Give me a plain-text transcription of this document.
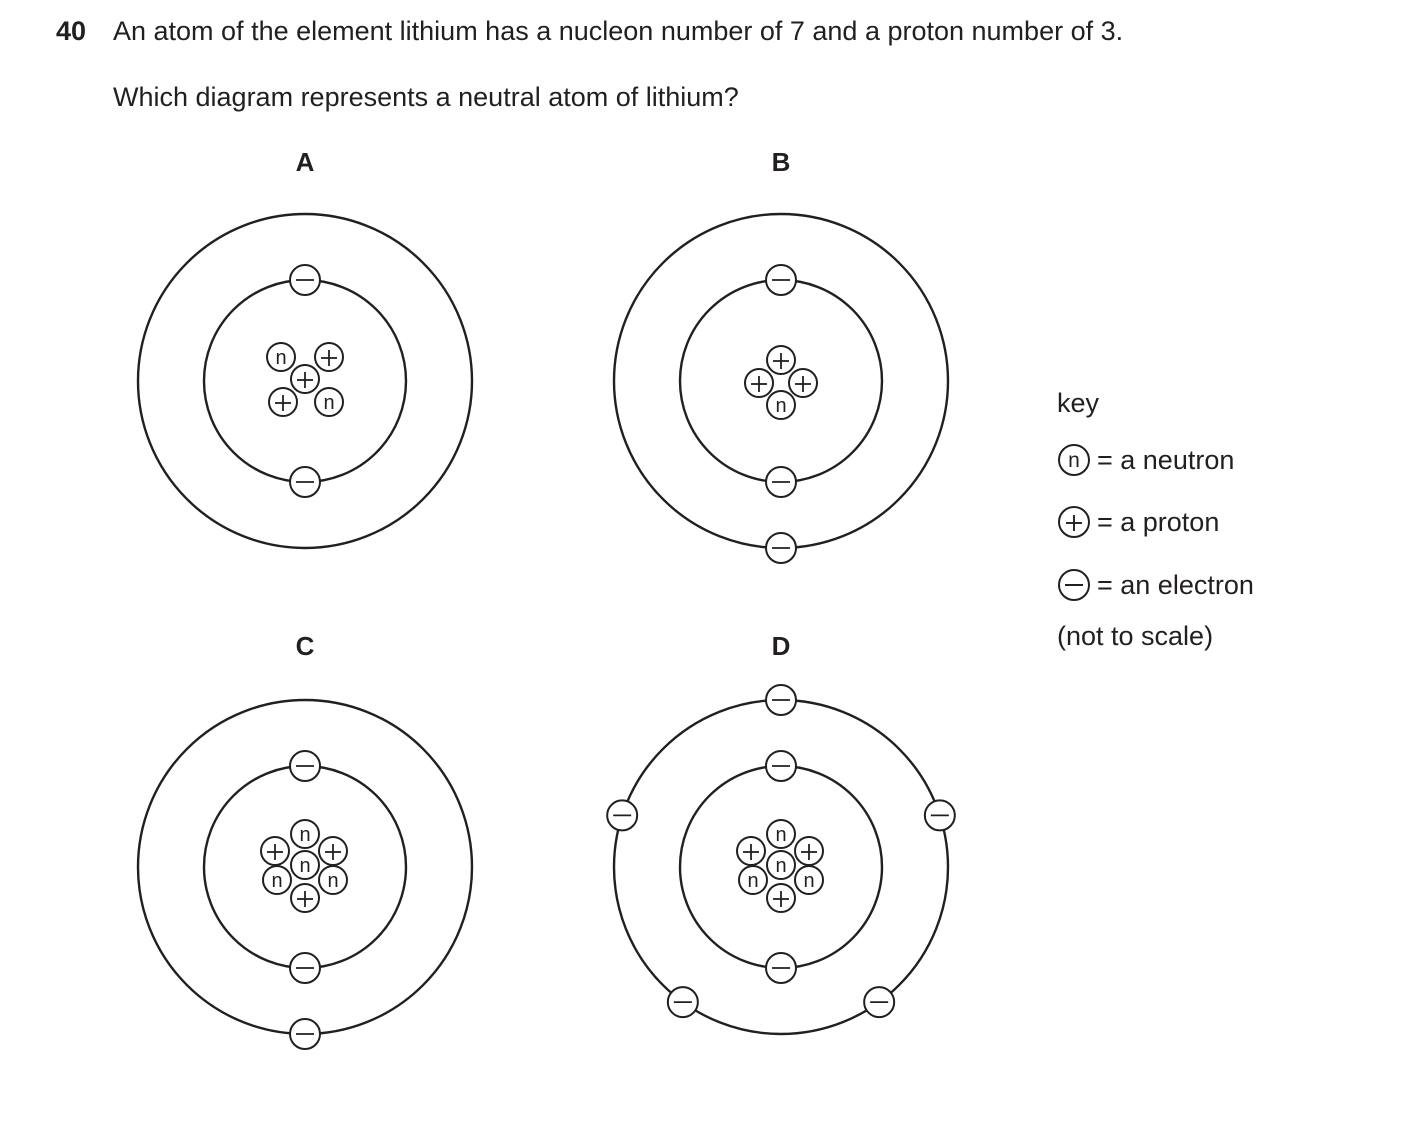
40 An atom of the element lithium has a nucleon number of 7 and a proton number of 3.
Which diagram represents a neutral atom of lithium?
A
n
n
B
n
C
n
n
n n
D
n
n
n n
key
n = a neutron
= a proton
= an electron
(not to scale)
